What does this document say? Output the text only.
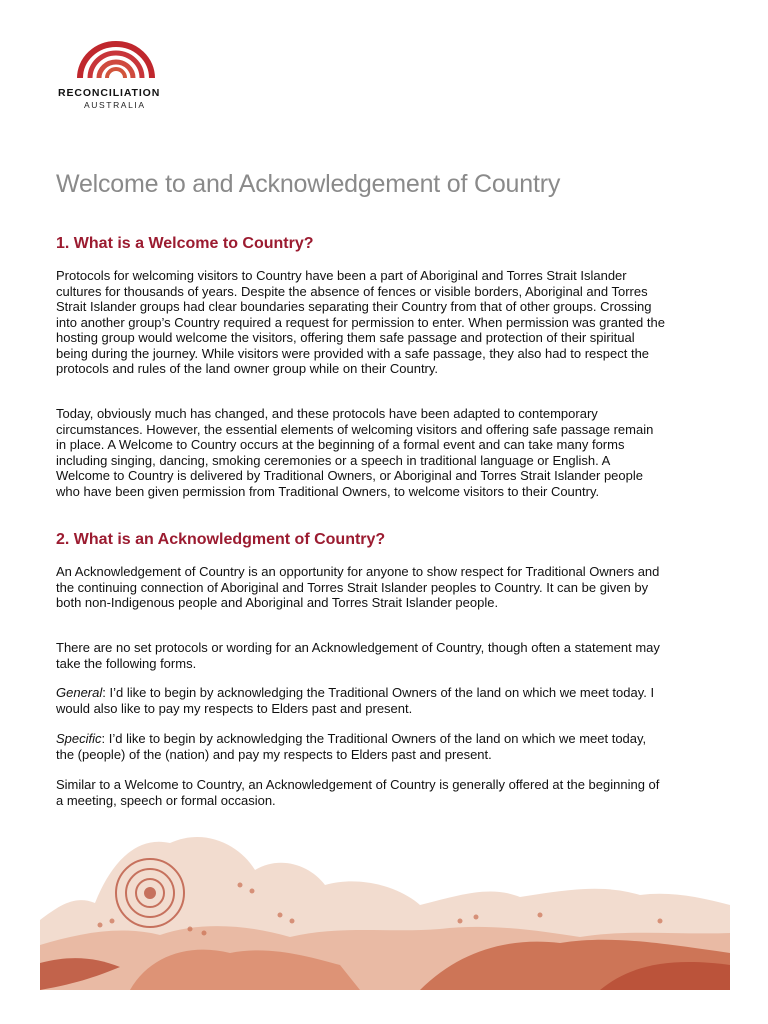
RECONCILIATION
AUSTRALIA
Welcome to and Acknowledgement of Country
1. What is a Welcome to Country?

Protocols for welcoming visitors to Country have been a part of Aboriginal and Torres Strait Islander cultures for thousands of years. Despite the absence of fences or visible borders, Aboriginal and Torres Strait Islander groups had clear boundaries separating their Country from that of other groups. Crossing into another group’s Country required a request for permission to enter. When permission was granted the hosting group would welcome the visitors, offering them safe passage and protection of their spiritual being during the journey. While visitors were provided with a safe passage, they also had to respect the protocols and rules of the land owner group while on their Country.

Today, obviously much has changed, and these protocols have been adapted to contemporary circumstances. However, the essential elements of welcoming visitors and offering safe passage remain in place. A Welcome to Country occurs at the beginning of a formal event and can take many forms including singing, dancing, smoking ceremonies or a speech in traditional language or English. A Welcome to Country is delivered by Traditional Owners, or Aboriginal and Torres Strait Islander people who have been given permission from Traditional Owners, to welcome visitors to their Country.

2. What is an Acknowledgment of Country?

An Acknowledgement of Country is an opportunity for anyone to show respect for Traditional Owners and the continuing connection of Aboriginal and Torres Strait Islander peoples to Country. It can be given by both non-Indigenous people and Aboriginal and Torres Strait Islander people.

There are no set protocols or wording for an Acknowledgement of Country, though often a statement may take the following forms.

General: I’d like to begin by acknowledging the Traditional Owners of the land on which we meet today. I would also like to pay my respects to Elders past and present.

Specific: I’d like to begin by acknowledging the Traditional Owners of the land on which we meet today, the (people) of the (nation) and pay my respects to Elders past and present.

Similar to a Welcome to Country, an Acknowledgement of Country is generally offered at the beginning of a meeting, speech or formal occasion.
